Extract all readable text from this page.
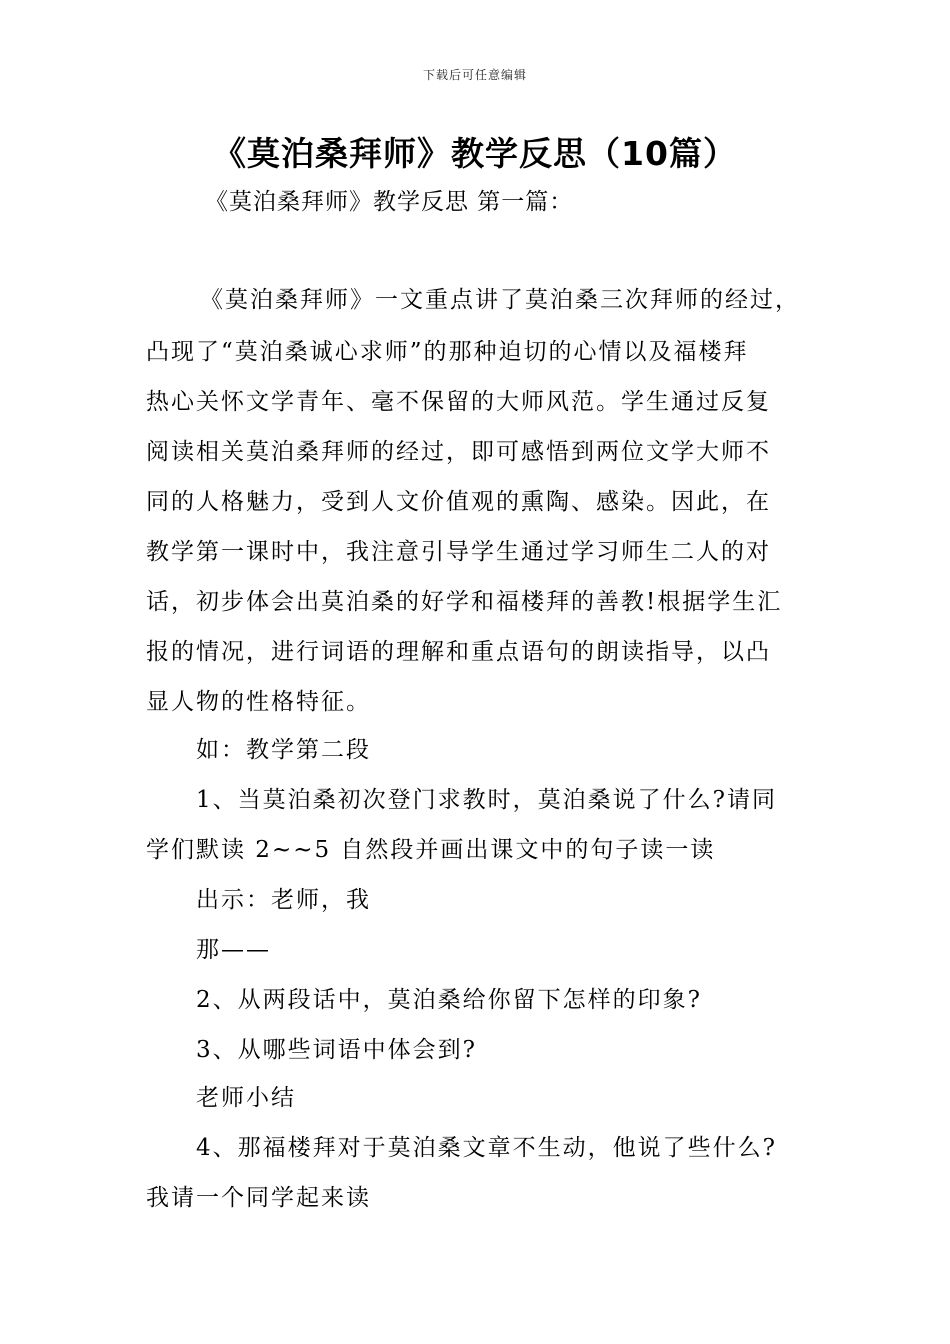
下载后可任意编辑
《莫泊桑拜师》教学反思（10篇）
《莫泊桑拜师》教学反思 第一篇：
《莫泊桑拜师》一文重点讲了莫泊桑三次拜师的经过，
凸现了“莫泊桑诚心求师”的那种迫切的心情以及福楼拜
热心关怀文学青年、毫不保留的大师风范。学生通过反复
阅读相关莫泊桑拜师的经过，即可感悟到两位文学大师不
同的人格魅力，受到人文价值观的熏陶、感染。因此，在
教学第一课时中，我注意引导学生通过学习师生二人的对
话，初步体会出莫泊桑的好学和福楼拜的善教!根据学生汇
报的情况，进行词语的理解和重点语句的朗读指导，以凸
显人物的性格特征。
如：教学第二段
1、当莫泊桑初次登门求教时，莫泊桑说了什么?请同
学们默读 2~~5 自然段并画出课文中的句子读一读
出示：老师，我
那——
2、从两段话中，莫泊桑给你留下怎样的印象?
3、从哪些词语中体会到?
老师小结
4、那福楼拜对于莫泊桑文章不生动，他说了些什么?
我请一个同学起来读
